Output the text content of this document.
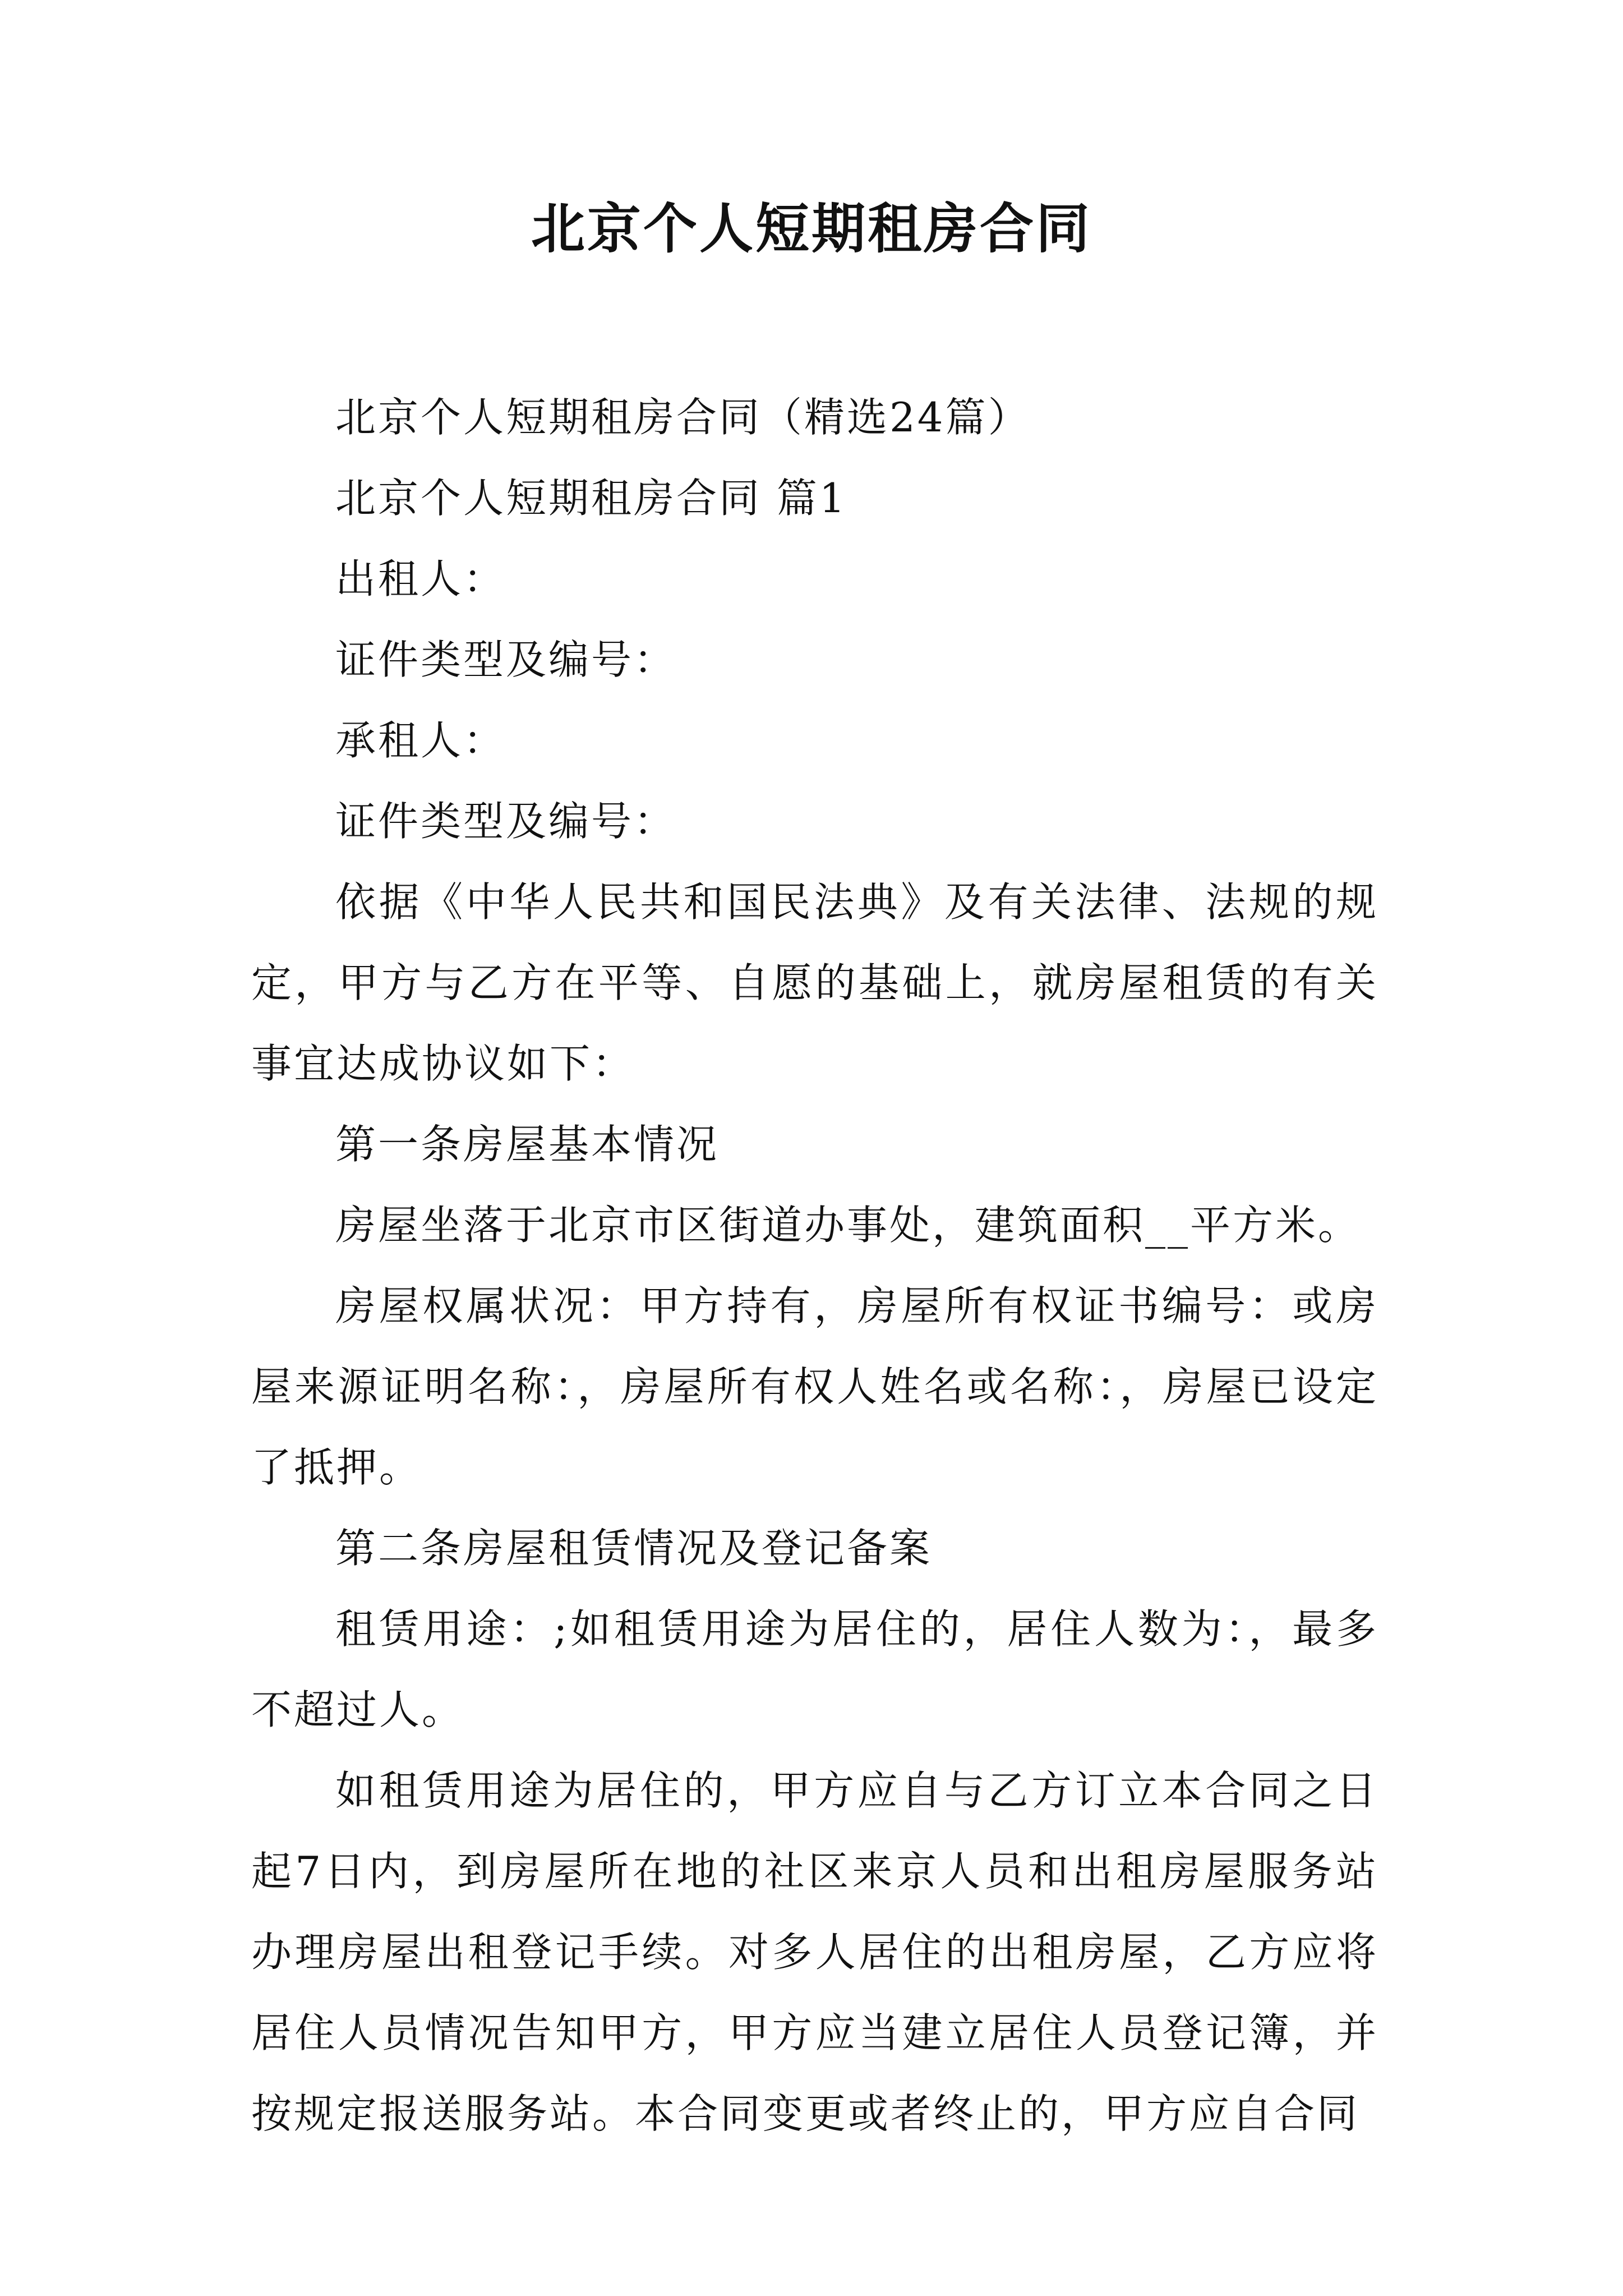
北京个人短期租房合同

北京个人短期租房合同（精选24篇）

北京个人短期租房合同 篇1

出租人：

证件类型及编号：

承租人：

证件类型及编号：

依据《中华人民共和国民法典》及有关法律、法规的规定，甲方与乙方在平等、自愿的基础上，就房屋租赁的有关事宜达成协议如下：

第一条房屋基本情况

房屋坐落于北京市区街道办事处，建筑面积__平方米。

房屋权属状况：甲方持有，房屋所有权证书编号：或房屋来源证明名称：，房屋所有权人姓名或名称：，房屋已设定了抵押。

第二条房屋租赁情况及登记备案

租赁用途：;如租赁用途为居住的，居住人数为：，最多不超过人。

如租赁用途为居住的，甲方应自与乙方订立本合同之日起7日内，到房屋所在地的社区来京人员和出租房屋服务站办理房屋出租登记手续。对多人居住的出租房屋，乙方应将居住人员情况告知甲方，甲方应当建立居住人员登记簿，并按规定报送服务站。本合同变更或者终止的，甲方应自合同
